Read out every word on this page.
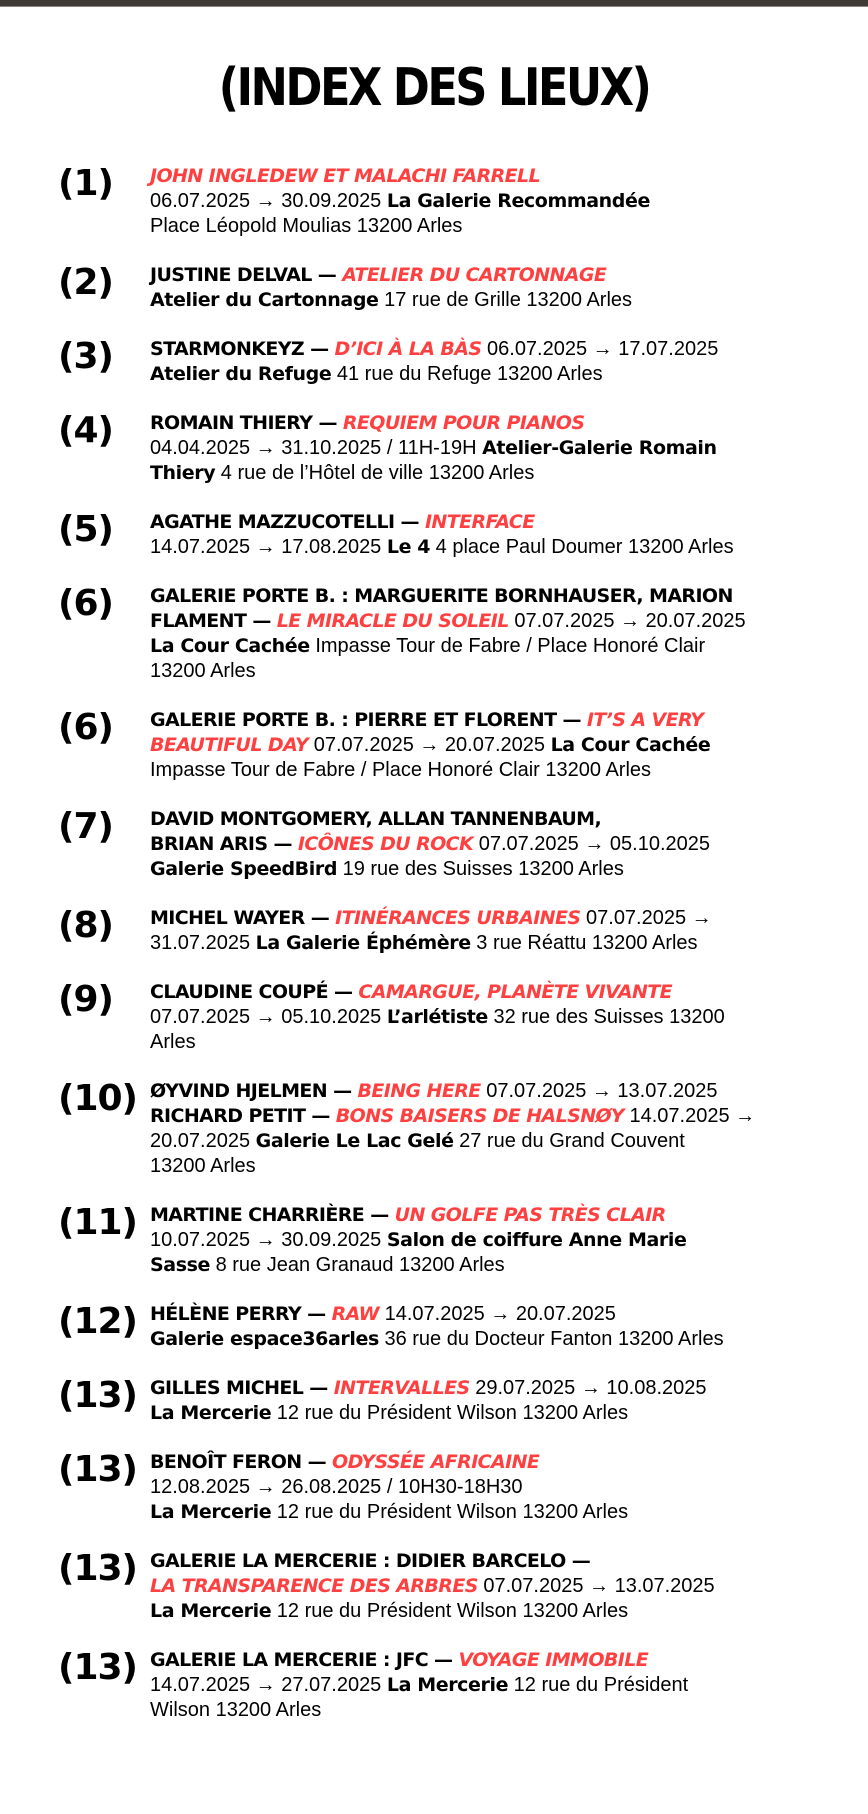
(INDEX DES LIEUX)
(1) JOHN INGLEDEW ET MALACHI FARRELL
06.07.2025 → 30.09.2025 La Galerie Recommandée
Place Léopold Moulias 13200 Arles
(2) JUSTINE DELVAL — ATELIER DU CARTONNAGE
Atelier du Cartonnage 17 rue de Grille 13200 Arles
(3) STARMONKEYZ — D’ICI À LA BÀS 06.07.2025 → 17.07.2025
Atelier du Refuge 41 rue du Refuge 13200 Arles
(4) ROMAIN THIERY — REQUIEM POUR PIANOS
04.04.2025 → 31.10.2025 / 11H-19H Atelier-Galerie Romain
Thiery 4 rue de l’Hôtel de ville 13200 Arles
(5) AGATHE MAZZUCOTELLI — INTERFACE
14.07.2025 → 17.08.2025 Le 4 4 place Paul Doumer 13200 Arles
(6) GALERIE PORTE B. : MARGUERITE BORNHAUSER, MARION
FLAMENT — LE MIRACLE DU SOLEIL 07.07.2025 → 20.07.2025
La Cour Cachée Impasse Tour de Fabre / Place Honoré Clair
13200 Arles
(6) GALERIE PORTE B. : PIERRE ET FLORENT — IT’S A VERY
BEAUTIFUL DAY 07.07.2025 → 20.07.2025 La Cour Cachée
Impasse Tour de Fabre / Place Honoré Clair 13200 Arles
(7) DAVID MONTGOMERY, ALLAN TANNENBAUM,
BRIAN ARIS — ICÔNES DU ROCK 07.07.2025 → 05.10.2025
Galerie SpeedBird 19 rue des Suisses 13200 Arles
(8) MICHEL WAYER — ITINÉRANCES URBAINES 07.07.2025 →
31.07.2025 La Galerie Éphémère 3 rue Réattu 13200 Arles
(9) CLAUDINE COUPÉ — CAMARGUE, PLANÈTE VIVANTE
07.07.2025 → 05.10.2025 L’arlétiste 32 rue des Suisses 13200
Arles
(10) ØYVIND HJELMEN — BEING HERE 07.07.2025 → 13.07.2025
RICHARD PETIT — BONS BAISERS DE HALSNØY 14.07.2025 →
20.07.2025 Galerie Le Lac Gelé 27 rue du Grand Couvent
13200 Arles
(11) MARTINE CHARRIÈRE — UN GOLFE PAS TRÈS CLAIR
10.07.2025 → 30.09.2025 Salon de coiffure Anne Marie
Sasse 8 rue Jean Granaud 13200 Arles
(12) HÉLÈNE PERRY — RAW 14.07.2025 → 20.07.2025
Galerie espace36arles 36 rue du Docteur Fanton 13200 Arles
(13) GILLES MICHEL — INTERVALLES 29.07.2025 → 10.08.2025
La Mercerie 12 rue du Président Wilson 13200 Arles
(13) BENOÎT FERON — ODYSSÉE AFRICAINE
12.08.2025 → 26.08.2025 / 10H30-18H30
La Mercerie 12 rue du Président Wilson 13200 Arles
(13) GALERIE LA MERCERIE : DIDIER BARCELO —
LA TRANSPARENCE DES ARBRES 07.07.2025 → 13.07.2025
La Mercerie 12 rue du Président Wilson 13200 Arles
(13) GALERIE LA MERCERIE : JFC — VOYAGE IMMOBILE
14.07.2025 → 27.07.2025 La Mercerie 12 rue du Président
Wilson 13200 Arles
